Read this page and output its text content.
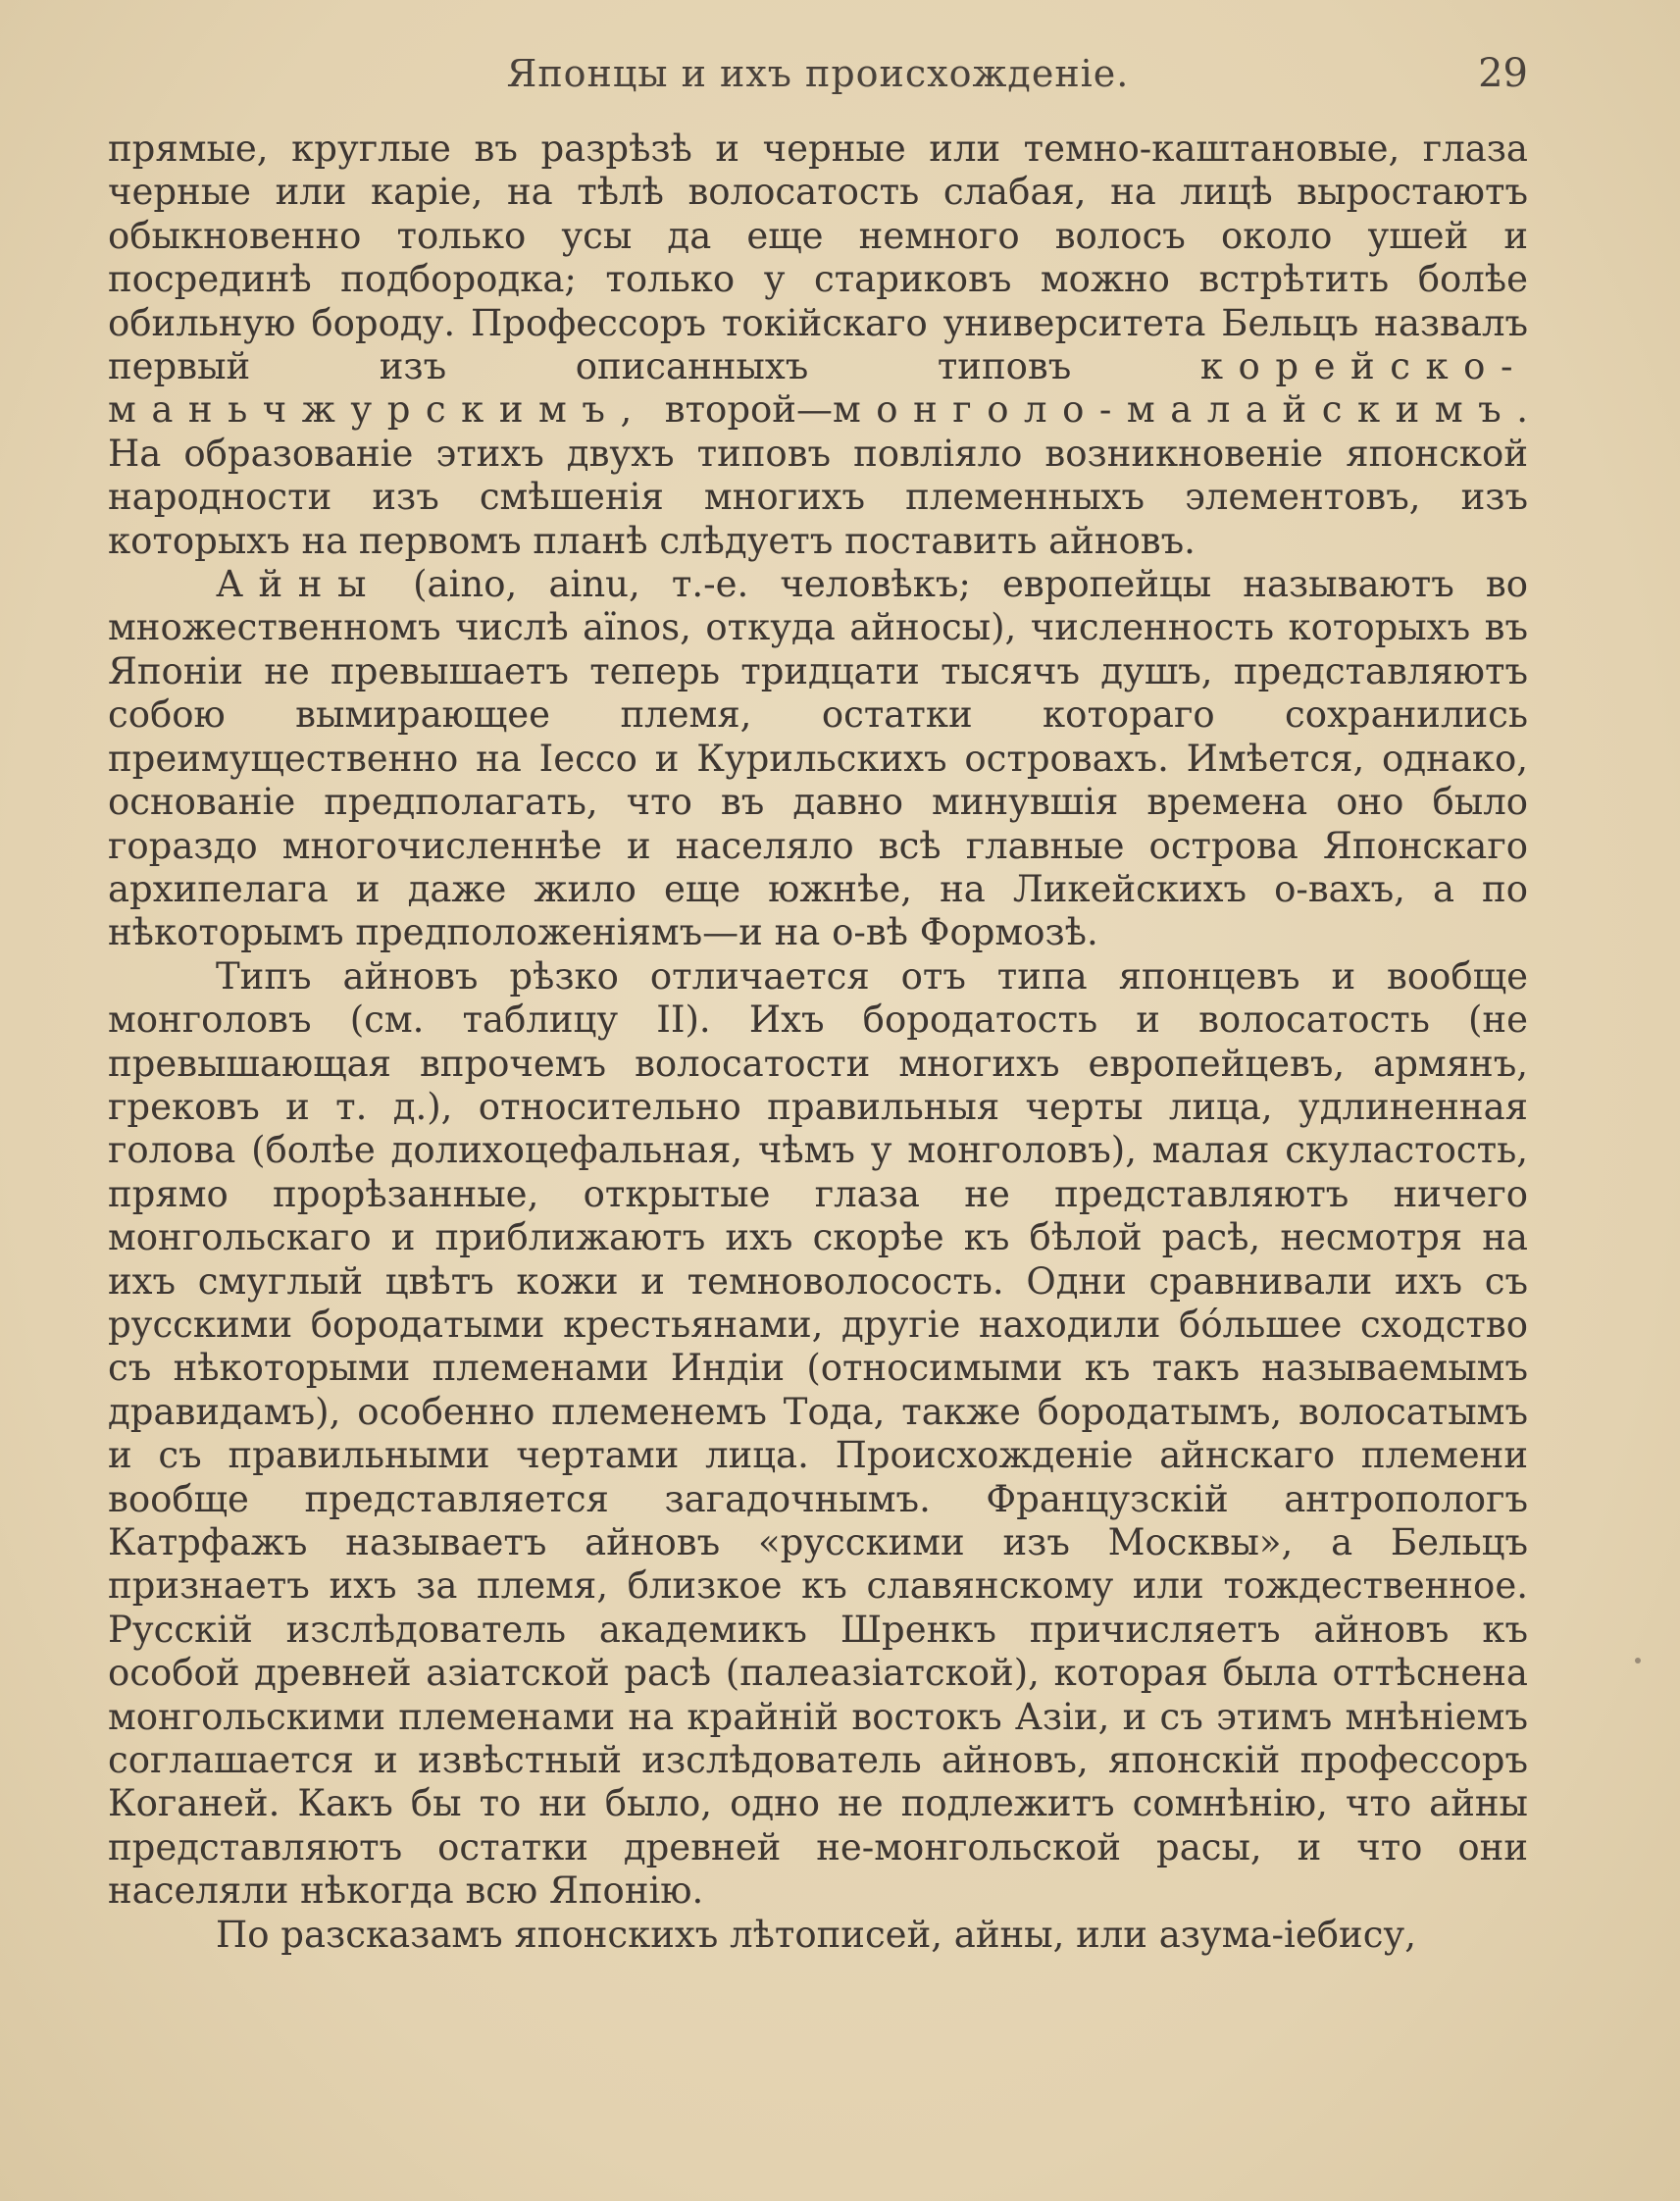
Японцы и ихъ происхожденіе.	29

прямые, круглые въ разрѣзѣ и черные или темно-каштановые, глаза черные или каріе, на тѣлѣ волосатость слабая, на лицѣ выростаютъ обыкновенно только усы да еще немного волосъ около ушей и посрединѣ подбородка; только у стариковъ можно встрѣтить болѣе обильную бороду. Профессоръ токійскаго университета Бельцъ назвалъ первый изъ описанныхъ типовъ корейско-маньчжурскимъ, второй—монголо-малайскимъ. На образованіе этихъ двухъ типовъ повліяло возникновеніе японской народности изъ смѣшенія многихъ племенныхъ элементовъ, изъ которыхъ на первомъ планѣ слѣдуетъ поставить айновъ.

Айны (aino, ainu, т.-е. человѣкъ; европейцы называютъ во множественномъ числѣ aïnos, откуда айносы), численность которыхъ въ Японіи не превышаетъ теперь тридцати тысячъ душъ, представляютъ собою вымирающее племя, остатки котораго сохранились преимущественно на Іессо и Курильскихъ островахъ. Имѣется, однако, основаніе предполагать, что въ давно минувшія времена оно было гораздо многочисленнѣе и населяло всѣ главные острова Японскаго архипелага и даже жило еще южнѣе, на Ликейскихъ о-вахъ, а по нѣкоторымъ предположеніямъ—и на о-вѣ Формозѣ.

Типъ айновъ рѣзко отличается отъ типа японцевъ и вообще монголовъ (см. таблицу II). Ихъ бородатость и волосатость (не превышающая впрочемъ волосатости многихъ европейцевъ, армянъ, грековъ и т. д.), относительно правильныя черты лица, удлиненная голова (болѣе долихоцефальная, чѣмъ у монголовъ), малая скуластость, прямо прорѣзанные, открытые глаза не представляютъ ничего монгольскаго и приближаютъ ихъ скорѣе къ бѣлой расѣ, несмотря на ихъ смуглый цвѣтъ кожи и темноволосость. Одни сравнивали ихъ съ русскими бородатыми крестьянами, другіе находили бо́льшее сходство съ нѣкоторыми племенами Индіи (относимыми къ такъ называемымъ дравидамъ), особенно племенемъ Тода, также бородатымъ, волосатымъ и съ правильными чертами лица. Происхожденіе айнскаго племени вообще представляется загадочнымъ. Французскій антропологъ Катрфажъ называетъ айновъ «русскими изъ Москвы», а Бельцъ признаетъ ихъ за племя, близкое къ славянскому или тождественное. Русскій изслѣдователь академикъ Шренкъ причисляетъ айновъ къ особой древней азіатской расѣ (палеазіатской), которая была оттѣснена монгольскими племенами на крайній востокъ Азіи, и съ этимъ мнѣніемъ соглашается и извѣстный изслѣдователь айновъ, японскій профессоръ Коганей. Какъ бы то ни было, одно не подлежитъ сомнѣнію, что айны представляютъ остатки древней не-монгольской расы, и что они населяли нѣкогда всю Японію.

По разсказамъ японскихъ лѣтописей, айны, или азума-іебису,
